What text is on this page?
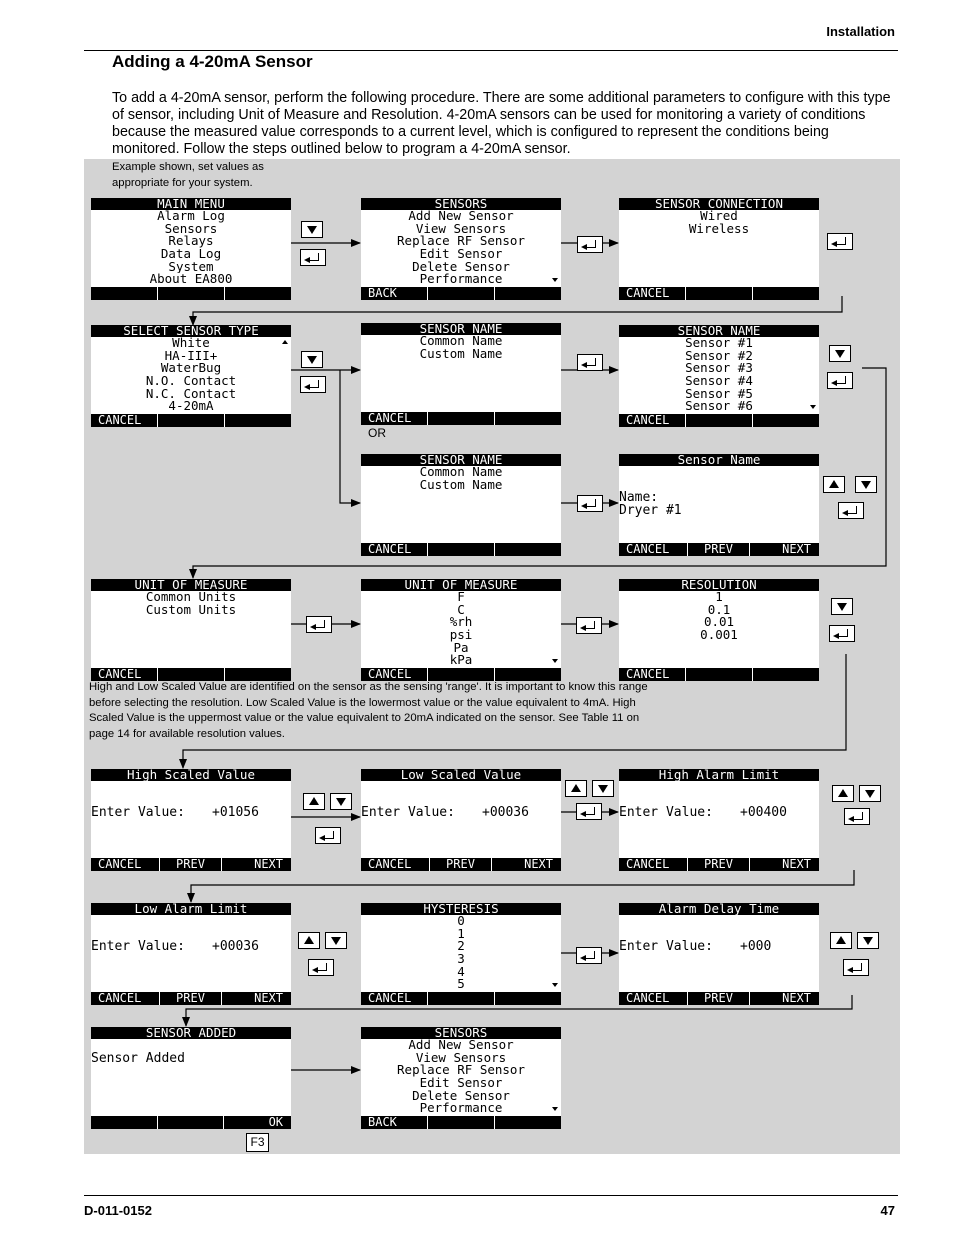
Installation
Adding a 4-20mA Sensor
To add a 4-20mA sensor, perform the following procedure. There are some additional parameters to configure with this type of sensor, including Unit of Measure and Resolution. 4-20mA sensors can be used for monitoring a variety of conditions because the measured value corresponds to a current level, which is configured to represent the conditions being monitored. Follow the steps outlined below to program a 4-20mA sensor.
Example shown, set values as appropriate for your system.
High and Low Scaled Value are identified on the sensor as the sensing 'range'. It is important to know this range before selecting the resolution. Low Scaled Value is the lowermost value or the value equivalent to 4mA. High Scaled Value is the uppermost value or the value equivalent to 20mA indicated on the sensor. See Table 11 on page 14 for available resolution values.
OR
MAIN MENU
Alarm Log
Sensors
Relays
Data Log
System
About EA800
SENSORS
Add New Sensor
View Sensors
Replace RF Sensor
Edit Sensor
Delete Sensor
Performance
BACK
SENSOR CONNECTION
Wired
Wireless
CANCEL
SELECT SENSOR TYPE
White
HA-III+
WaterBug
N.O. Contact
N.C. Contact
4-20mA
CANCEL
SENSOR NAME
Common Name
Custom Name
CANCEL
SENSOR NAME
Sensor #1
Sensor #2
Sensor #3
Sensor #4
Sensor #5
Sensor #6
CANCEL
SENSOR NAME
Common Name
Custom Name
CANCEL
Sensor Name
Name:
Dryer #1
CANCEL	PREV	NEXT
UNIT OF MEASURE
Common Units
Custom Units
CANCEL
UNIT OF MEASURE
F
C
%rh
psi
Pa
kPa
CANCEL
RESOLUTION
1
0.1
0.01
0.001
CANCEL
High Scaled Value
Enter Value: +01056
CANCEL	PREV	NEXT
Low Scaled Value
Enter Value: +00036
CANCEL	PREV	NEXT
High Alarm Limit
Enter Value: +00400
CANCEL	PREV	NEXT
Low Alarm Limit
Enter Value: +00036
CANCEL	PREV	NEXT
HYSTERESIS
0
1
2
3
4
5
CANCEL
Alarm Delay Time
Enter Value: +000
CANCEL	PREV	NEXT
SENSOR ADDED
Sensor Added
OK
F3
SENSORS
Add New Sensor
View Sensors
Replace RF Sensor
Edit Sensor
Delete Sensor
Performance
BACK
D-011-0152	47
